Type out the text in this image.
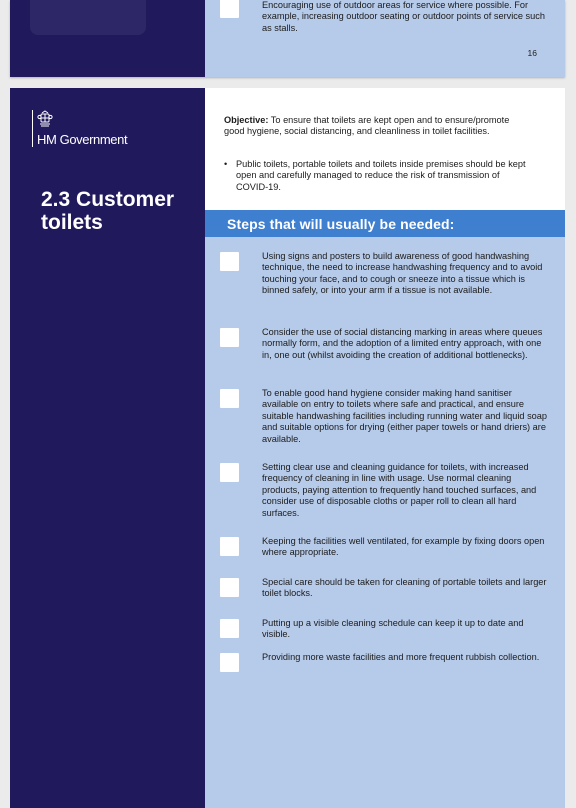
Encouraging use of outdoor areas for service where possible. For example, increasing outdoor seating or outdoor points of service such as stalls.
16
HM Government
2.3 Customer toilets
Objective: To ensure that toilets are kept open and to ensure/promote good hygiene, social distancing, and cleanliness in toilet facilities.
• Public toilets, portable toilets and toilets inside premises should be kept open and carefully managed to reduce the risk of transmission of COVID-19.
Steps that will usually be needed:
Using signs and posters to build awareness of good handwashing technique, the need to increase handwashing frequency and to avoid touching your face, and to cough or sneeze into a tissue which is binned safely, or into your arm if a tissue is not available.
Consider the use of social distancing marking in areas where queues normally form, and the adoption of a limited entry approach, with one in, one out (whilst avoiding the creation of additional bottlenecks).
To enable good hand hygiene consider making hand sanitiser available on entry to toilets where safe and practical, and ensure suitable handwashing facilities including running water and liquid soap and suitable options for drying (either paper towels or hand driers) are available.
Setting clear use and cleaning guidance for toilets, with increased frequency of cleaning in line with usage. Use normal cleaning products, paying attention to frequently hand touched surfaces, and consider use of disposable cloths or paper roll to clean all hard surfaces.
Keeping the facilities well ventilated, for example by fixing doors open where appropriate.
Special care should be taken for cleaning of portable toilets and larger toilet blocks.
Putting up a visible cleaning schedule can keep it up to date and visible.
Providing more waste facilities and more frequent rubbish collection.
